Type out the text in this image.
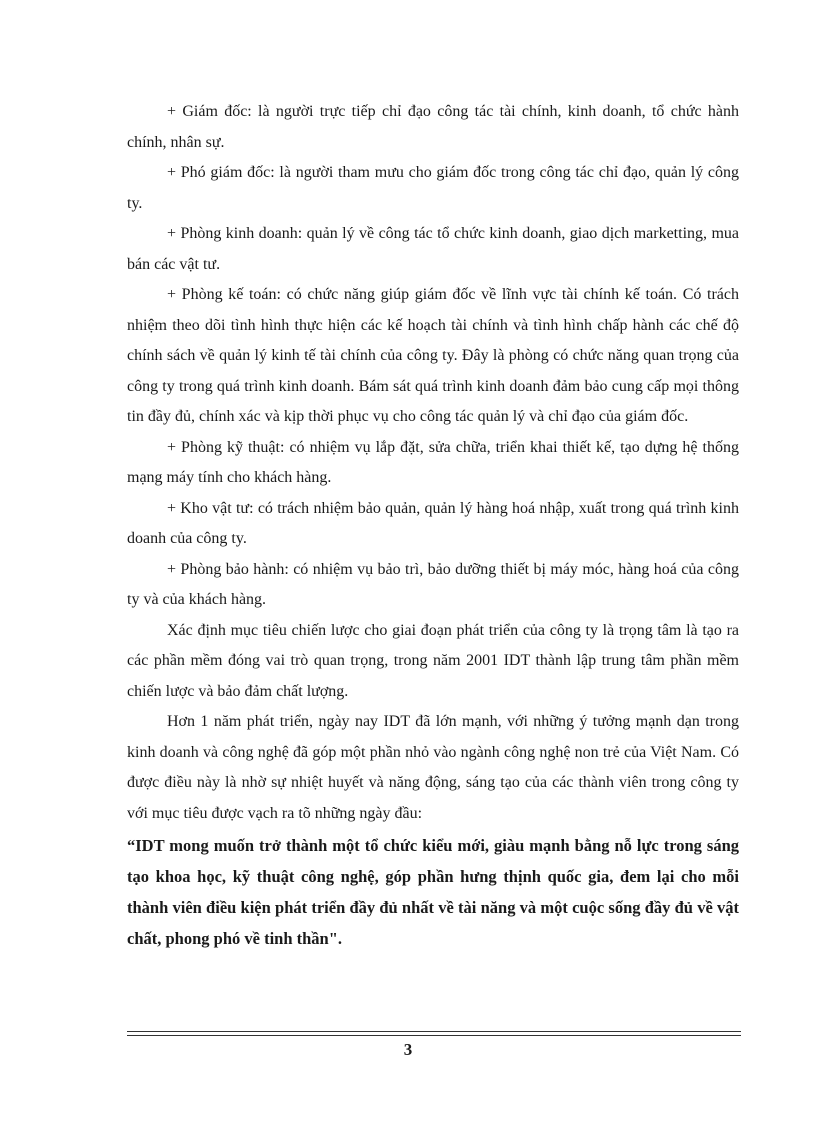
+ Giám đốc: là người trực tiếp chỉ đạo công tác tài chính, kinh doanh, tổ chức hành chính, nhân sự.

+ Phó giám đốc: là người tham mưu cho giám đốc trong công tác chỉ đạo, quản lý công ty.

+ Phòng kinh doanh: quản lý về công tác tổ chức kinh doanh, giao dịch marketting, mua bán các vật tư.

+ Phòng kế toán: có chức năng giúp giám đốc về lĩnh vực tài chính kế toán. Có trách nhiệm theo dõi tình hình thực hiện các kế hoạch tài chính và tình hình chấp hành các chế độ chính sách về quản lý kinh tế tài chính của công ty. Đây là phòng có chức năng quan trọng của công ty trong quá trình kinh doanh. Bám sát quá trình kinh doanh đảm bảo cung cấp mọi thông tin đầy đủ, chính xác và kịp thời phục vụ cho công tác quản lý và chỉ đạo của giám đốc.

+ Phòng kỹ thuật: có nhiệm vụ lắp đặt, sửa chữa, triển khai thiết kế, tạo dựng hệ thống mạng máy tính cho khách hàng.

+ Kho vật tư: có trách nhiệm bảo quản, quản lý hàng hoá nhập, xuất trong quá trình kinh doanh của công ty.

+ Phòng bảo hành: có nhiệm vụ bảo trì, bảo dưỡng thiết bị máy móc, hàng hoá của công ty và của khách hàng.

Xác định mục tiêu chiến lược cho giai đoạn phát triển của công ty là trọng tâm là tạo ra các phần mềm đóng vai trò quan trọng, trong năm 2001 IDT thành lập trung tâm phần mềm chiến lược và bảo đảm chất lượng.

Hơn 1 năm phát triển, ngày nay IDT đã lớn mạnh, với những ý tưởng mạnh dạn trong kinh doanh và công nghệ đã góp một phần nhỏ vào ngành công nghệ non trẻ của Việt Nam. Có được điều này là nhờ sự nhiệt huyết và năng động, sáng tạo của các thành viên trong công ty với mục tiêu được vạch ra tõ những ngày đầu:

“IDT mong muốn trở thành một tổ chức kiểu mới, giàu mạnh bằng nỗ lực trong sáng tạo khoa học, kỹ thuật công nghệ, góp phần hưng thịnh quốc gia, đem lại cho mỗi thành viên điều kiện phát triển đầy đủ nhất về tài năng và một cuộc sống đầy đủ về vật chất, phong phó về tinh thần".

3
